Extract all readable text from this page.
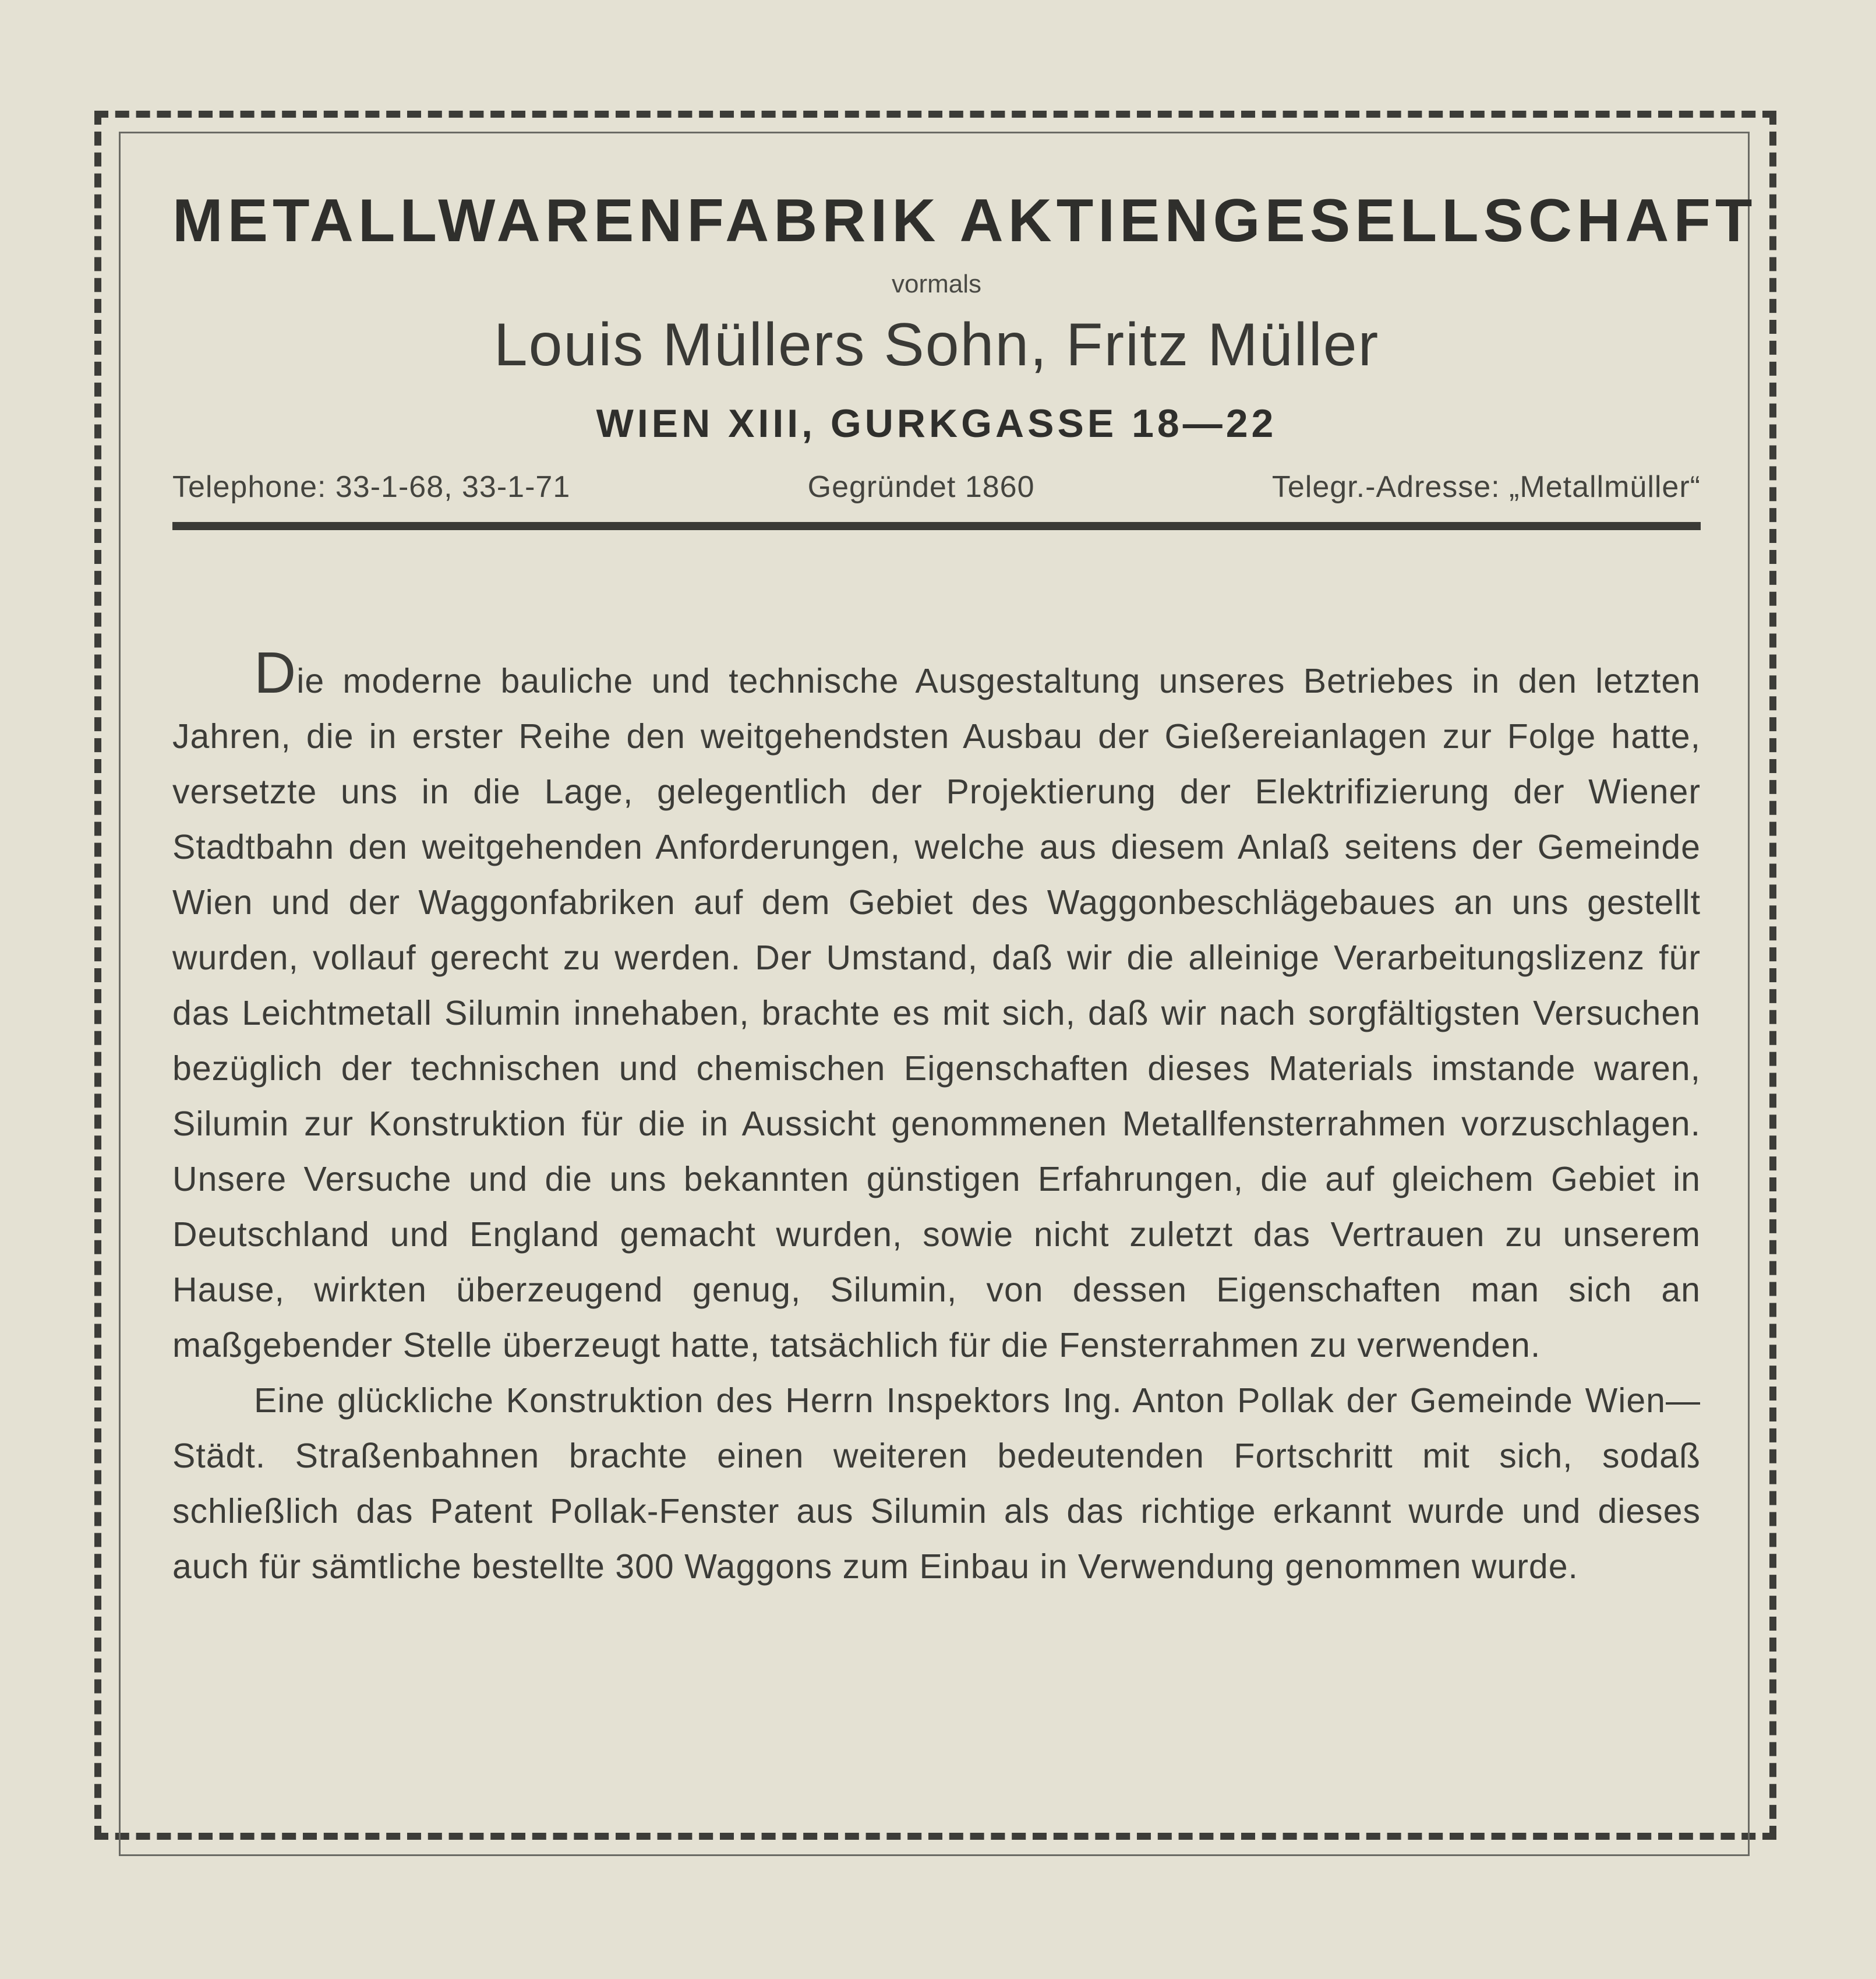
METALLWARENFABRIK AKTIENGESELLSCHAFT
vormals
Louis Müllers Sohn, Fritz Müller
WIEN XIII, GURKGASSE 18—22
Telephone: 33-1-68, 33-1-71	Gegründet 1860	Telegr.-Adresse: „Metallmüller“

Die moderne bauliche und technische Ausgestaltung unseres Betriebes in den letzten Jahren, die in erster Reihe den weitgehendsten Ausbau der Gießereianlagen zur Folge hatte, versetzte uns in die Lage, gelegentlich der Projektierung der Elektrifizierung der Wiener Stadtbahn den weitgehenden Anforderungen, welche aus diesem Anlaß seitens der Gemeinde Wien und der Waggonfabriken auf dem Gebiet des Waggonbeschlägebaues an uns gestellt wurden, vollauf gerecht zu werden. Der Umstand, daß wir die alleinige Verarbeitungslizenz für das Leichtmetall Silumin innehaben, brachte es mit sich, daß wir nach sorgfältigsten Versuchen bezüglich der technischen und chemischen Eigenschaften dieses Materials imstande waren, Silumin zur Konstruktion für die in Aussicht genommenen Metallfensterrahmen vorzuschlagen. Unsere Versuche und die uns bekannten günstigen Erfahrungen, die auf gleichem Gebiet in Deutschland und England gemacht wurden, sowie nicht zuletzt das Vertrauen zu unserem Hause, wirkten überzeugend genug, Silumin, von dessen Eigenschaften man sich an maßgebender Stelle überzeugt hatte, tatsächlich für die Fensterrahmen zu verwenden.

Eine glückliche Konstruktion des Herrn Inspektors Ing. Anton Pollak der Gemeinde Wien—Städt. Straßenbahnen brachte einen weiteren bedeutenden Fortschritt mit sich, sodaß schließlich das Patent Pollak-Fenster aus Silumin als das richtige erkannt wurde und dieses auch für sämtliche bestellte 300 Waggons zum Einbau in Verwendung genommen wurde.
